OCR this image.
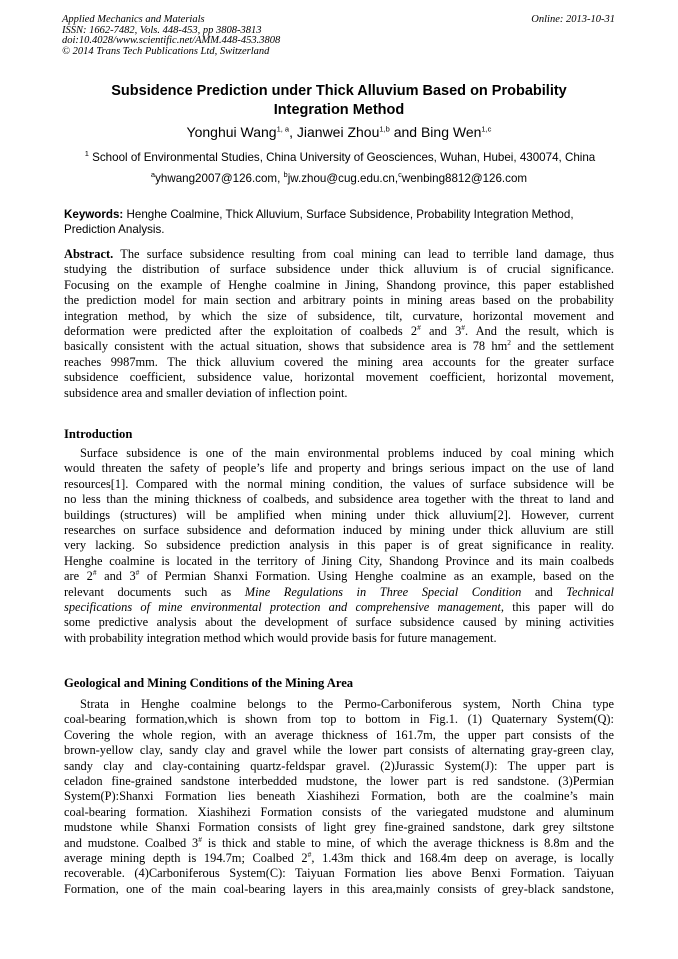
Applied Mechanics and Materials
ISSN: 1662-7482, Vols. 448-453, pp 3808-3813
doi:10.4028/www.scientific.net/AMM.448-453.3808
© 2014 Trans Tech Publications Ltd, Switzerland
Online: 2013-10-31
Subsidence Prediction under Thick Alluvium Based on Probability
Integration Method
Yonghui Wang$^{1, a}$, Jianwei Zhou$^{1,b}$ and Bing Wen$^{1,c}$
$^1$ School of Environmental Studies, China University of Geosciences, Wuhan, Hubei, 430074, China
$^a$yhwang2007@126.com, $^b$jw.zhou@cug.edu.cn,$^c$wenbing8812@126.com
Keywords: Henghe Coalmine, Thick Alluvium, Surface Subsidence, Probability Integration Method,
Prediction Analysis.
Abstract. The surface subsidence resulting from coal mining can lead to terrible land damage, thus
studying the distribution of surface subsidence under thick alluvium is of crucial significance.
Focusing on the example of Henghe coalmine in Jining, Shandong province, this paper established
the prediction model for main section and arbitrary points in mining areas based on the probability
integration method, by which the size of subsidence, tilt, curvature, horizontal movement and
deformation were predicted after the exploitation of coalbeds 2# and 3#. And the result, which is
basically consistent with the actual situation, shows that subsidence area is 78 $hm^2$ and the settlement
reaches 9987mm. The thick alluvium covered the mining area accounts for the greater surface
subsidence coefficient, subsidence value, horizontal movement coefficient, horizontal movement,
subsidence area and smaller deviation of inflection point.
Introduction
Surface subsidence is one of the main environmental problems induced by coal mining which
would threaten the safety of people’s life and property and brings serious impact on the use of land
resources[1]. Compared with the normal mining condition, the values of surface subsidence will be
no less than the mining thickness of coalbeds, and subsidence area together with the threat to land and
buildings (structures) will be amplified when mining under thick alluvium[2]. However, current
researches on surface subsidence and deformation induced by mining under thick alluvium are still
very lacking. So subsidence prediction analysis in this paper is of great significance in reality.
Henghe coalmine is located in the territory of Jining City, Shandong Province and its main coalbeds
are 2# and 3# of Permian Shanxi Formation. Using Henghe coalmine as an example, based on the
relevant documents such as Mine Regulations in Three Special Condition and Technical
specifications of mine environmental protection and comprehensive management, this paper will do
some predictive analysis about the development of surface subsidence caused by mining activities
with probability integration method which would provide basis for future management.
Geological and Mining Conditions of the Mining Area
Strata in Henghe coalmine belongs to the Permo-Carboniferous system, North China type
coal-bearing formation,which is shown from top to bottom in Fig.1. (1) Quaternary System(Q):
Covering the whole region, with an average thickness of 161.7m, the upper part consists of the
brown-yellow clay, sandy clay and gravel while the lower part consists of alternating gray-green clay,
sandy clay and clay-containing quartz-feldspar gravel. (2)Jurassic System(J): The upper part is
celadon fine-grained sandstone interbedded mudstone, the lower part is red sandstone. (3)Permian
System(P):Shanxi Formation lies beneath Xiashihezi Formation, both are the coalmine’s main
coal-bearing formation. Xiashihezi Formation consists of the variegated mudstone and aluminum
mudstone while Shanxi Formation consists of light grey fine-grained sandstone, dark grey siltstone
and mudstone. Coalbed 3# is thick and stable to mine, of which the average thickness is 8.8m and the
average mining depth is 194.7m; Coalbed 2#, 1.43m thick and 168.4m deep on average, is locally
recoverable. (4)Carboniferous System(C): Taiyuan Formation lies above Benxi Formation. Taiyuan
Formation, one of the main coal-bearing layers in this area,mainly consists of grey-black sandstone,
